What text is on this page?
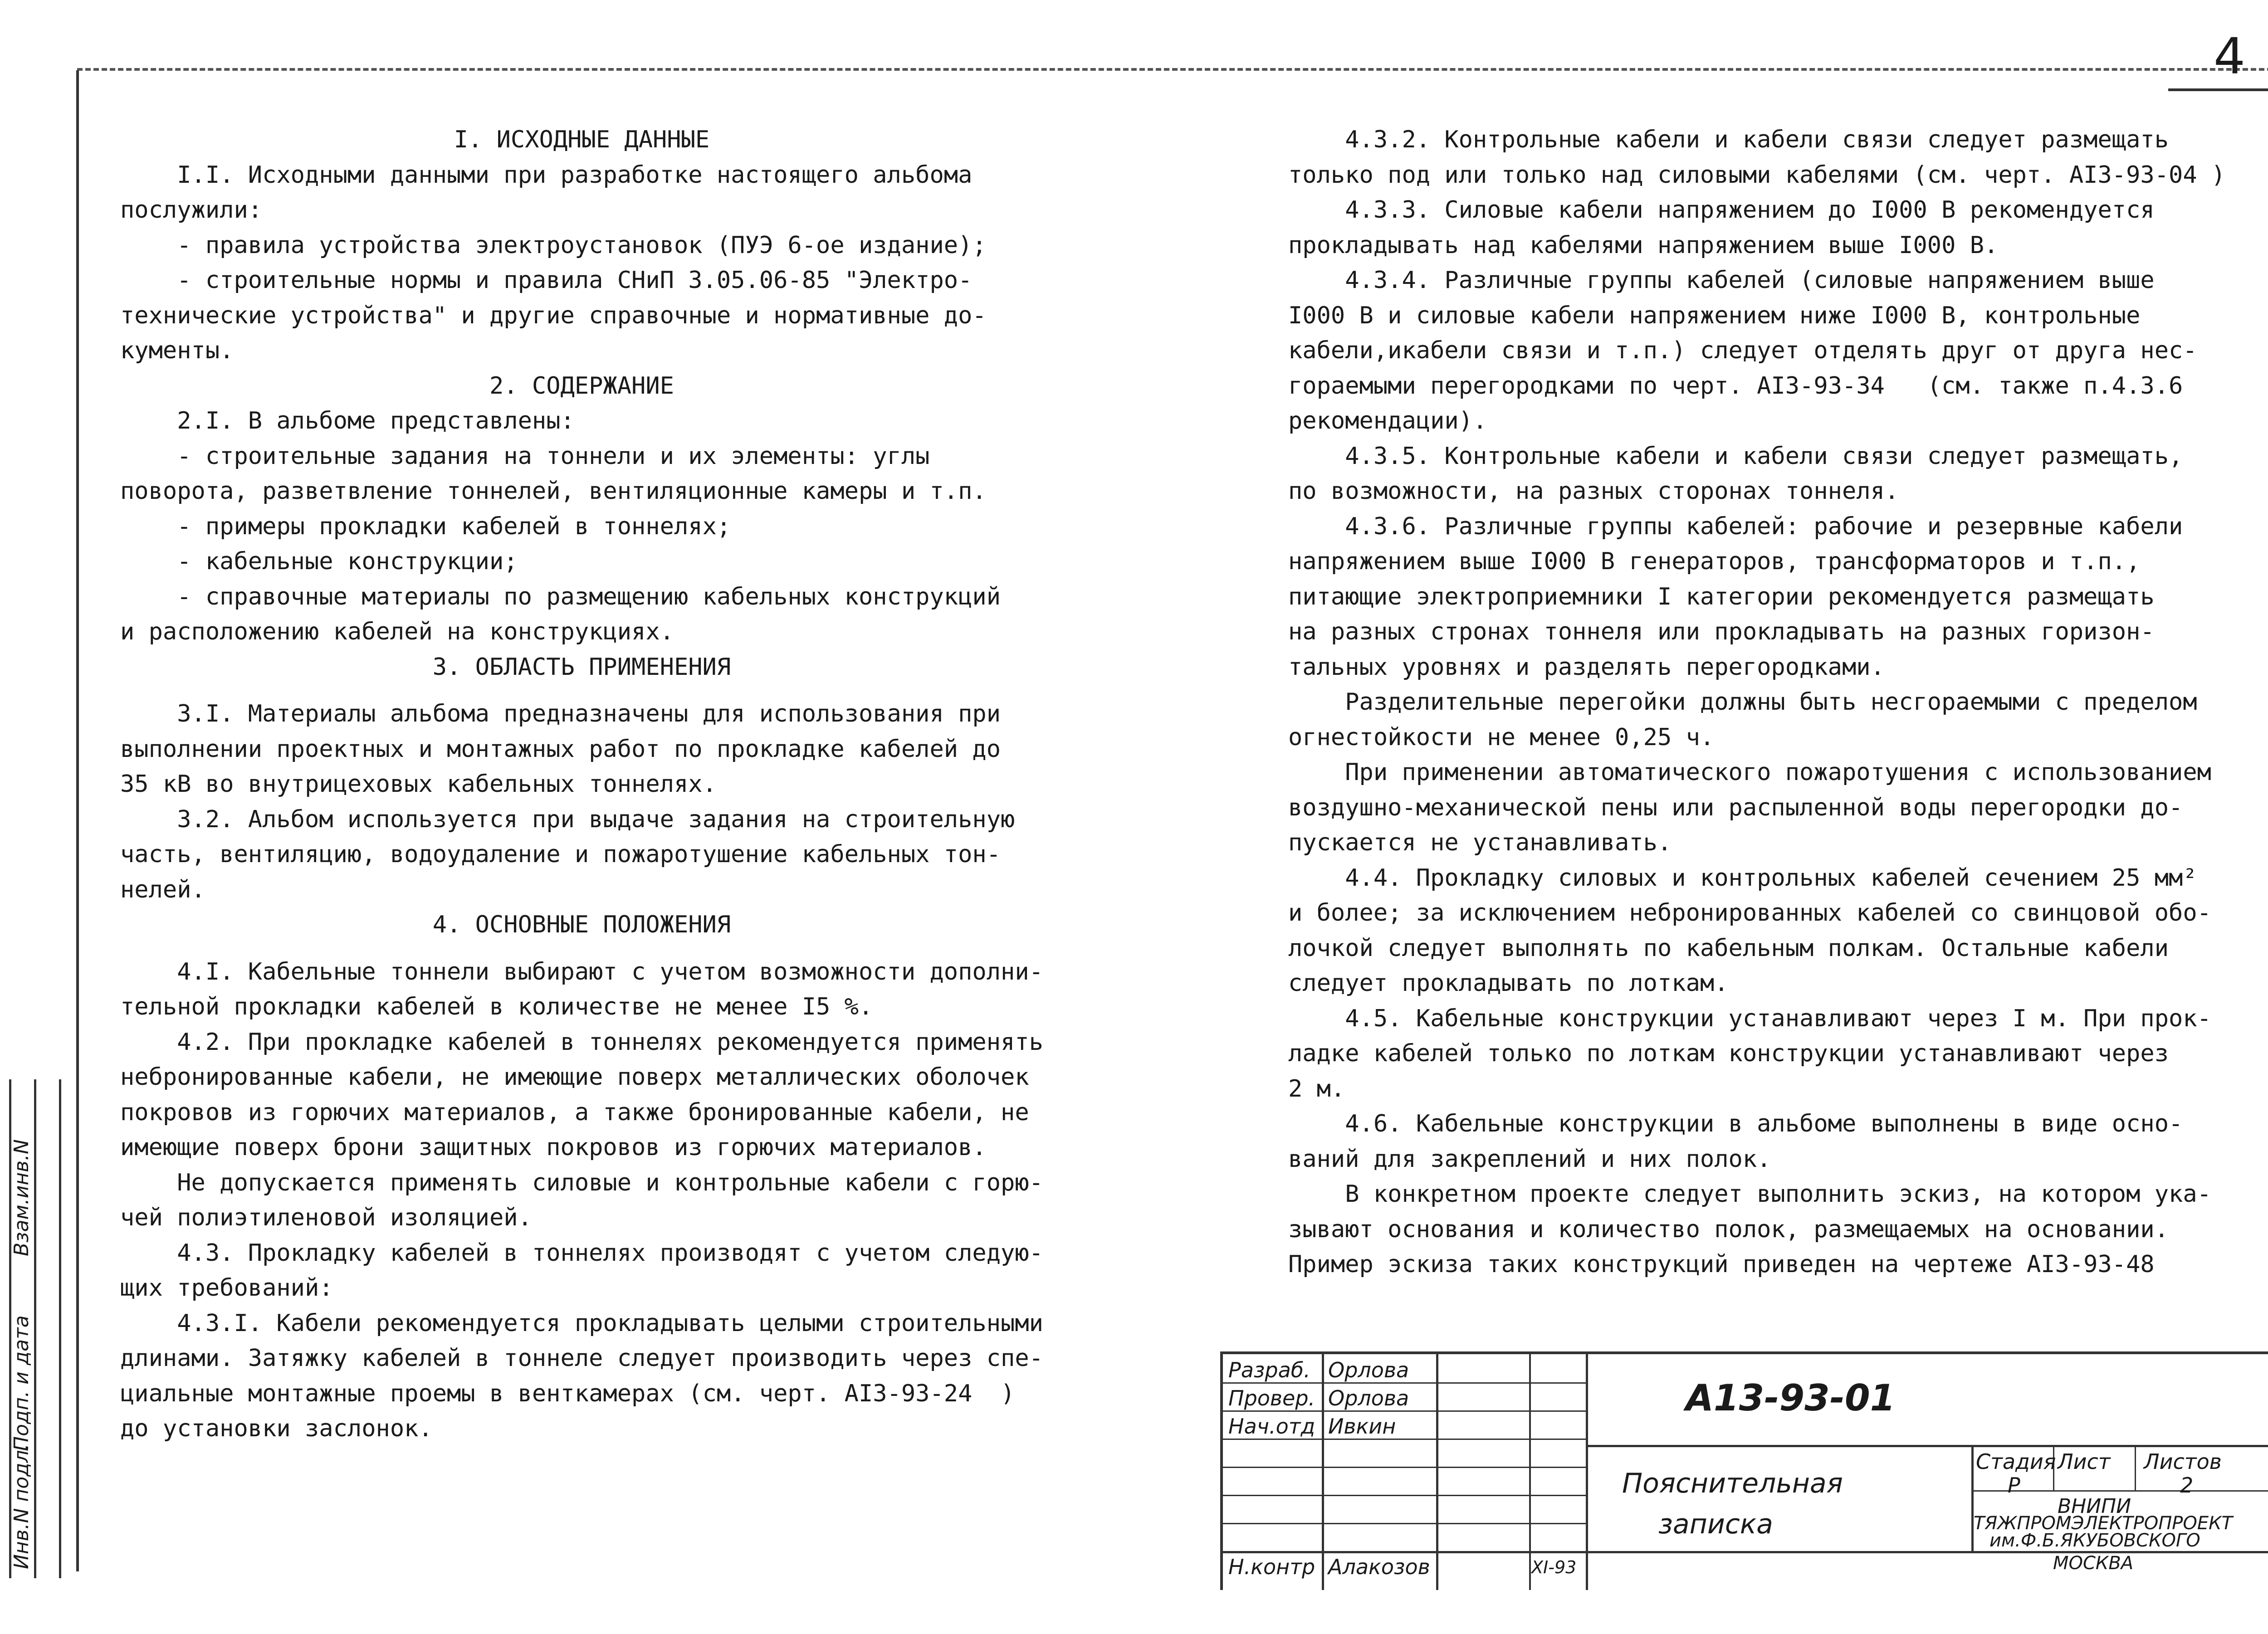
4

I. ИСХОДНЫЕ ДАННЫЕ

I.I. Исходными данными при разработке настоящего альбома

послужили:

- правила устройства электроустановок (ПУЭ 6-ое издание);

- строительные нормы и правила СНиП 3.05.06-85 "Электро-

технические устройства" и другие справочные и нормативные до-

кументы.

2. СОДЕРЖАНИЕ

2.I. В альбоме представлены:

- строительные задания на тоннели и их элементы: углы

поворота, разветвление тоннелей, вентиляционные камеры и т.п.

- примеры прокладки кабелей в тоннелях;

- кабельные конструкции;

- справочные материалы по размещению кабельных конструкций

и расположению кабелей на конструкциях.

3. ОБЛАСТЬ ПРИМЕНЕНИЯ

3.I. Материалы альбома предназначены для использования при

выполнении проектных и монтажных работ по прокладке кабелей до

35 кВ во внутрицеховых кабельных тоннелях.

3.2. Альбом используется при выдаче задания на строительную

часть, вентиляцию, водоудаление и пожаротушение кабельных тон-

нелей.

4. ОСНОВНЫЕ ПОЛОЖЕНИЯ

4.I. Кабельные тоннели выбирают с учетом возможности дополни-

тельной прокладки кабелей в количестве не менее I5 %.

4.2. При прокладке кабелей в тоннелях рекомендуется применять

небронированные кабели, не имеющие поверх металлических оболочек

покровов из горючих материалов, а также бронированные кабели, не

имеющие поверх брони защитных покровов из горючих материалов.

Не допускается применять силовые и контрольные кабели с горю-

чей полиэтиленовой изоляцией.

4.3. Прокладку кабелей в тоннелях производят с учетом следую-

щих требований:

4.3.I. Кабели рекомендуется прокладывать целыми строительными

длинами. Затяжку кабелей в тоннеле следует производить через спе-

циальные монтажные проемы в венткамерах (см. черт. АI3-93-24  )

до установки заслонок.

4.3.2. Контрольные кабели и кабели связи следует размещать

только под или только над силовыми кабелями (см. черт. АI3-93-04 )

4.3.3. Силовые кабели напряжением до I000 В рекомендуется

прокладывать над кабелями напряжением выше I000 В.

4.3.4. Различные группы кабелей (силовые напряжением выше

I000 В и силовые кабели напряжением ниже I000 В, контрольные

кабели,икабели связи и т.п.) следует отделять друг от друга нес-

гораемыми перегородками по черт. АI3-93-34   (см. также п.4.3.6

рекомендации).

4.3.5. Контрольные кабели и кабели связи следует размещать,

по возможности, на разных сторонах тоннеля.

4.3.6. Различные группы кабелей: рабочие и резервные кабели

напряжением выше I000 В генераторов, трансформаторов и т.п.,

питающие электроприемники I категории рекомендуется размещать

на разных стронах тоннеля или прокладывать на разных горизон-

тальных уровнях и разделять перегородками.

Разделительные перегойки должны быть несгораемыми с пределом

огнестойкости не менее 0,25 ч.

При применении автоматического пожаротушения с использованием

воздушно-механической пены или распыленной воды перегородки до-

пускается не устанавливать.

4.4. Прокладку силовых и контрольных кабелей сечением 25 мм²

и более; за исключением небронированных кабелей со свинцовой обо-

лочкой следует выполнять по кабельным полкам. Остальные кабели

следует прокладывать по лоткам.

4.5. Кабельные конструкции устанавливают через I м. При прок-

ладке кабелей только по лоткам конструкции устанавливают через

2 м.

4.6. Кабельные конструкции в альбоме выполнены в виде осно-

ваний для закреплений и них полок.

В конкретном проекте следует выполнить эскиз, на котором ука-

зывают основания и количество полок, размещаемых на основании.

Пример эскиза таких конструкций приведен на чертеже АI3-93-48

Инв.N подл.
Подп. и дата
Взам.инв.N
Разраб.
Провер.
Нач.отд
Н.контр
Орлова
Орлова
Ивкин
Алакозов	XI-93
А13-93-01
Пояснительная
записка
Стадия Лист Листов
Р	2
ВНИПИ
ТЯЖПРОМЭЛЕКТРОПРОЕКТ
им.Ф.Б.ЯКУБОВСКОГО
МОСКВА
